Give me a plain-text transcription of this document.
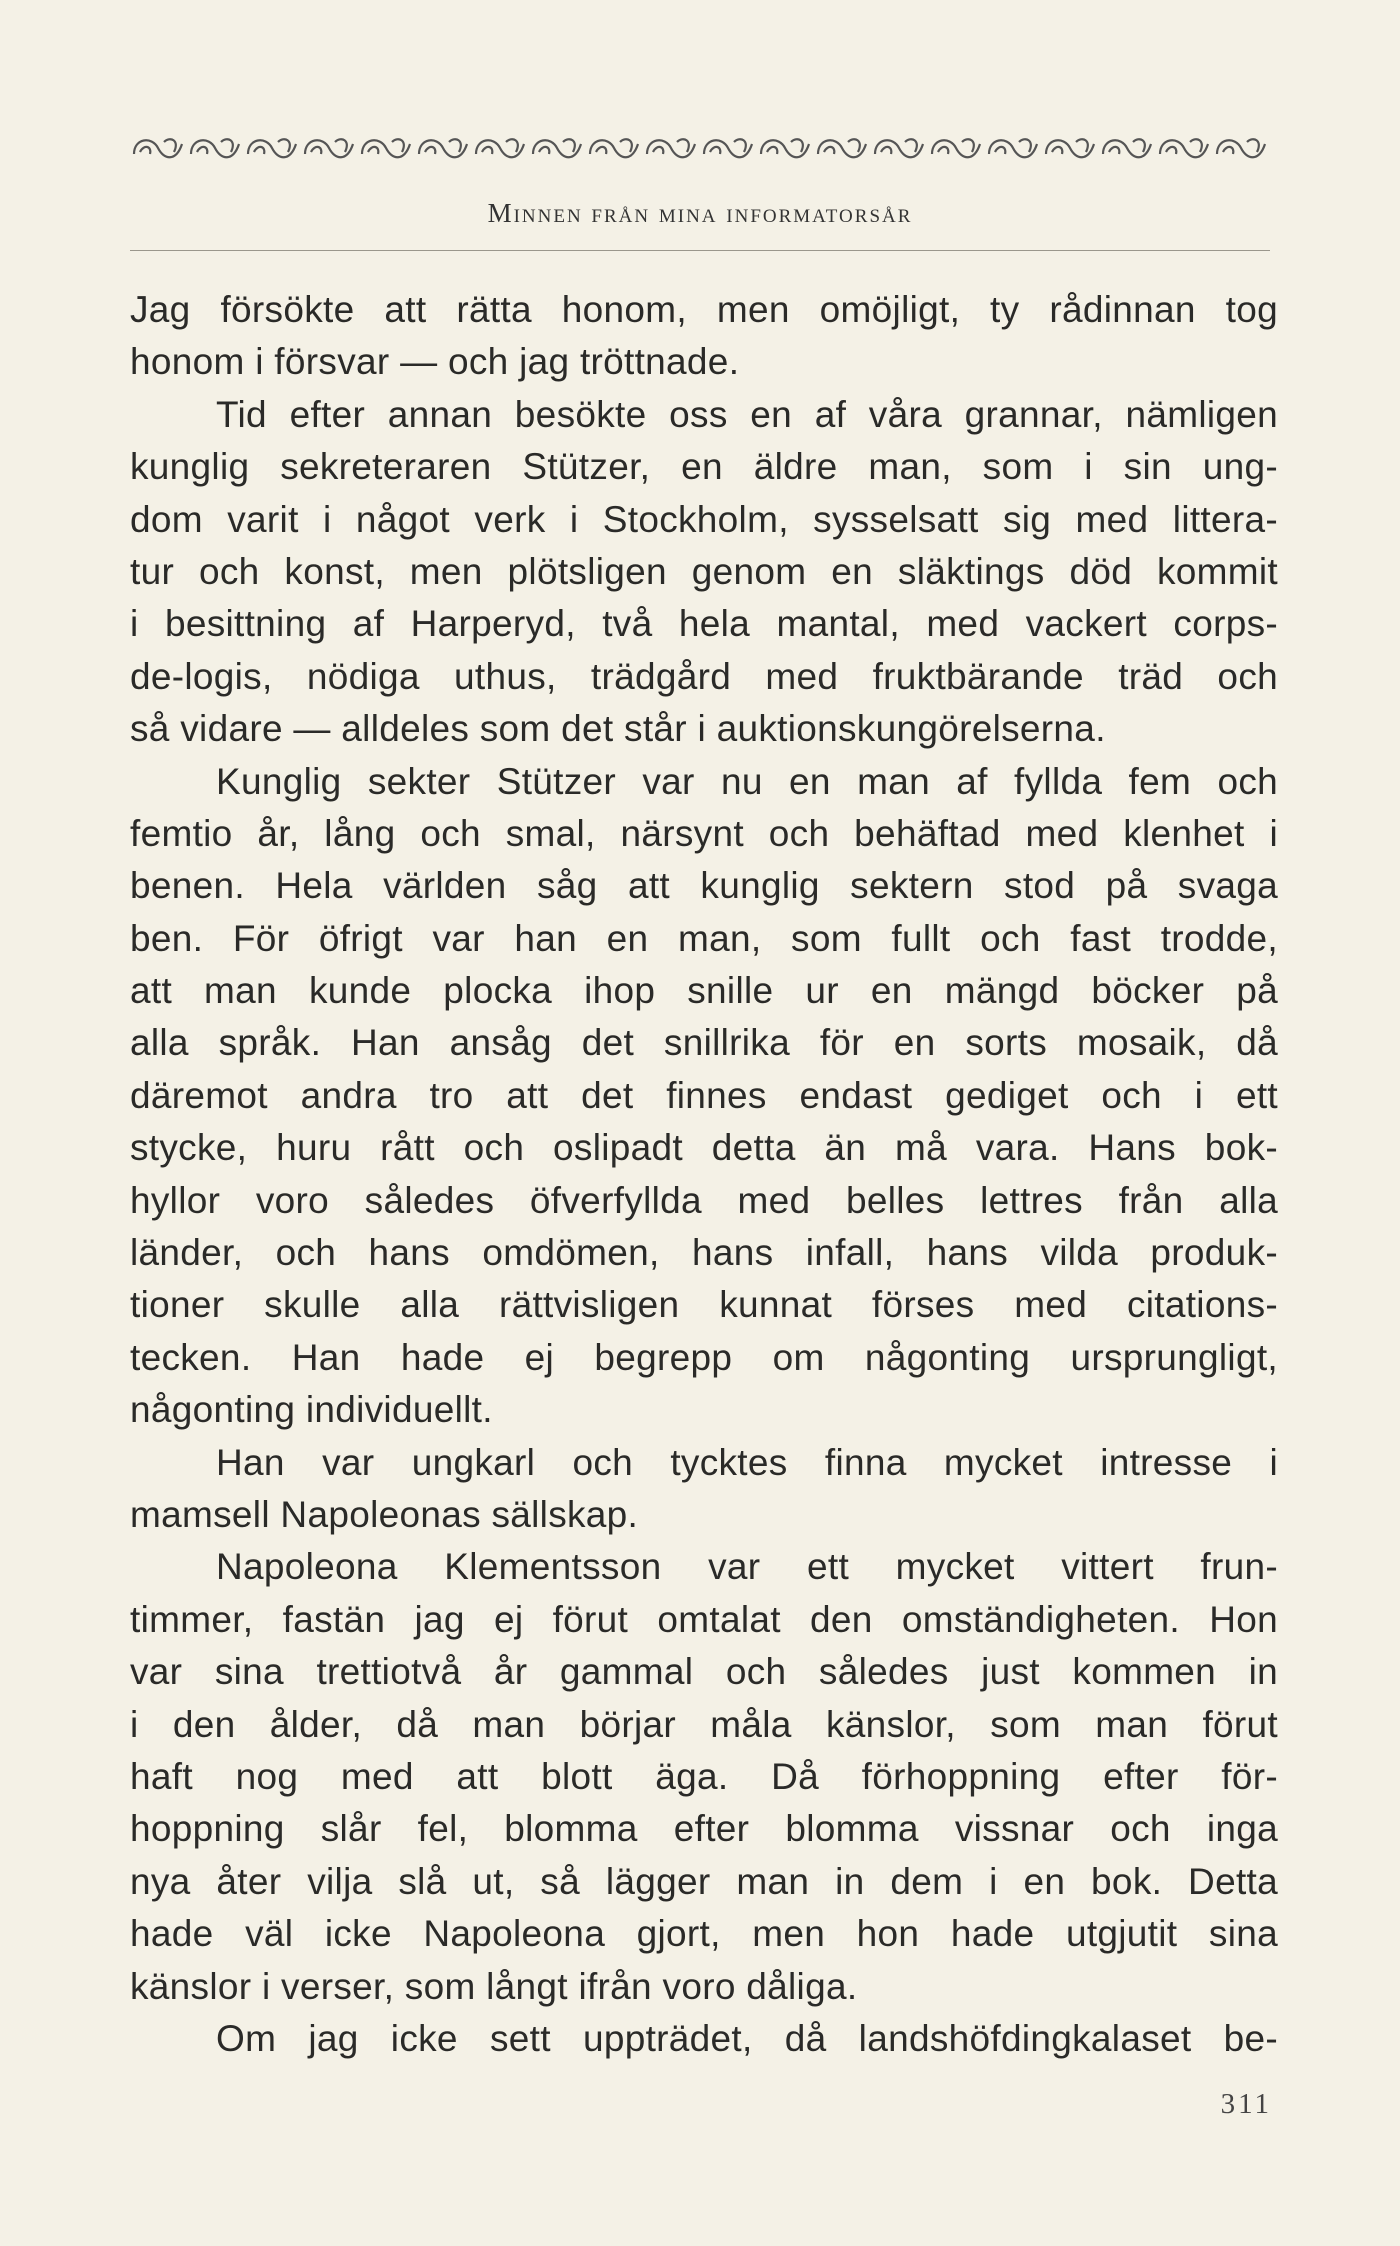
Minnen från mina informatorsår
Jag försökte att rätta honom, men omöjligt, ty rådinnan tog
honom i försvar — och jag tröttnade.
Tid efter annan besökte oss en af våra grannar, nämligen
kunglig sekreteraren Stützer, en äldre man, som i sin ung-
dom varit i något verk i Stockholm, sysselsatt sig med littera-
tur och konst, men plötsligen genom en släktings död kommit
i besittning af Harperyd, två hela mantal, med vackert corps-
de-logis, nödiga uthus, trädgård med fruktbärande träd och
så vidare — alldeles som det står i auktionskungörelserna.
Kunglig sekter Stützer var nu en man af fyllda fem och
femtio år, lång och smal, närsynt och behäftad med klenhet i
benen. Hela världen såg att kunglig sektern stod på svaga
ben. För öfrigt var han en man, som fullt och fast trodde,
att man kunde plocka ihop snille ur en mängd böcker på
alla språk. Han ansåg det snillrika för en sorts mosaik, då
däremot andra tro att det finnes endast gediget och i ett
stycke, huru rått och oslipadt detta än må vara. Hans bok-
hyllor voro således öfverfyllda med belles lettres från alla
länder, och hans omdömen, hans infall, hans vilda produk-
tioner skulle alla rättvisligen kunnat förses med citations-
tecken. Han hade ej begrepp om någonting ursprungligt,
någonting individuellt.
Han var ungkarl och tycktes finna mycket intresse i
mamsell Napoleonas sällskap.
Napoleona Klementsson var ett mycket vittert frun-
timmer, fastän jag ej förut omtalat den omständigheten. Hon
var sina trettiotvå år gammal och således just kommen in
i den ålder, då man börjar måla känslor, som man förut
haft nog med att blott äga. Då förhoppning efter för-
hoppning slår fel, blomma efter blomma vissnar och inga
nya åter vilja slå ut, så lägger man in dem i en bok. Detta
hade väl icke Napoleona gjort, men hon hade utgjutit sina
känslor i verser, som långt ifrån voro dåliga.
Om jag icke sett uppträdet, då landshöfdingkalaset be-
311
